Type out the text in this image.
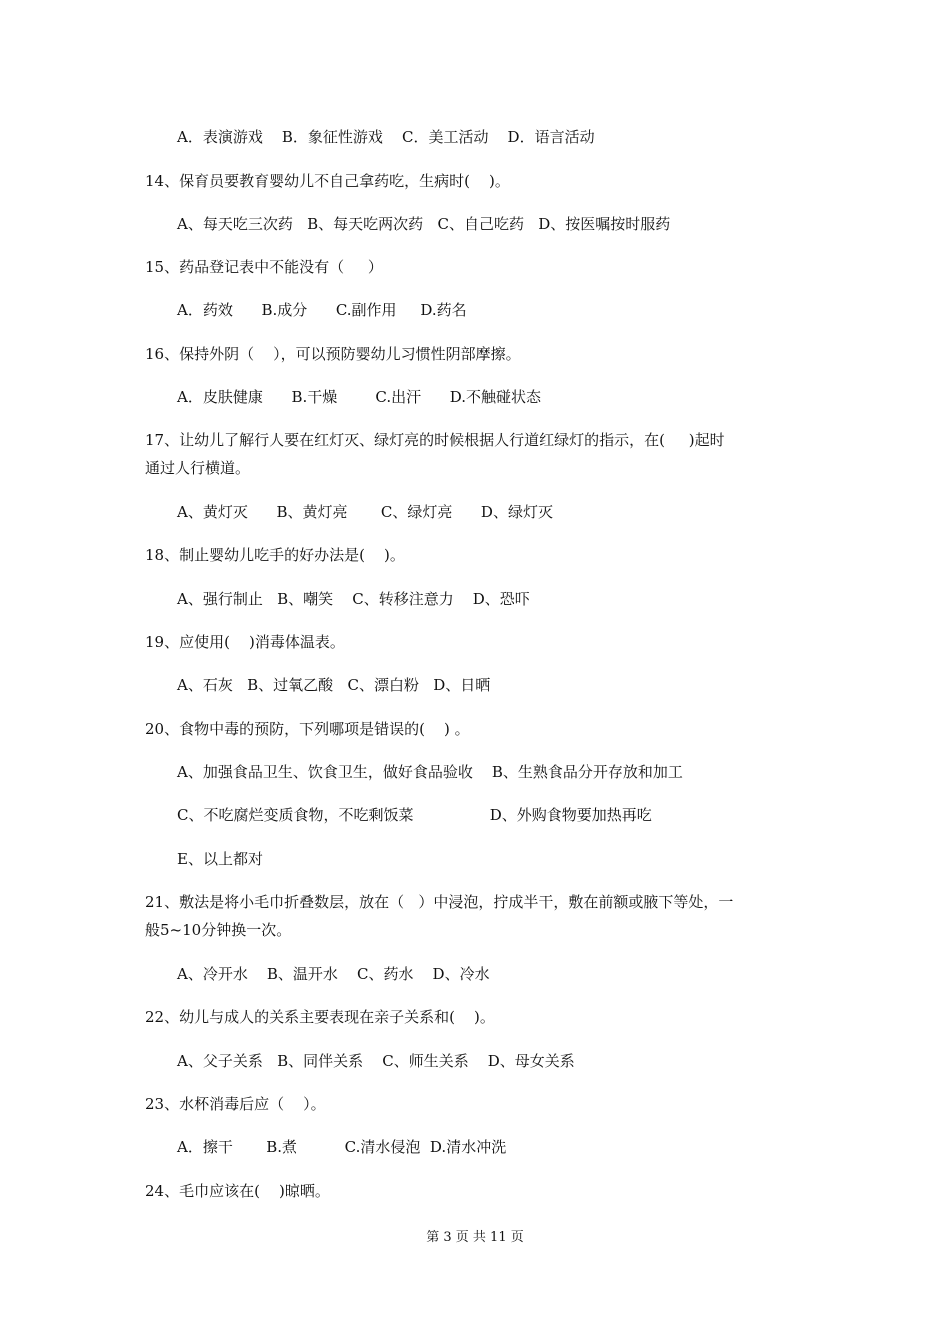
A．表演游戏    B．象征性游戏    C．美工活动    D．语言活动
14、保育员要教育婴幼儿不自己拿药吃，生病时(    )。
A、每天吃三次药   B、每天吃两次药   C、自己吃药   D、按医嘱按时服药
15、药品登记表中不能没有（     ）
A．药效      B.成分      C.副作用     D.药名
16、保持外阴（    ），可以预防婴幼儿习惯性阴部摩擦。
A．皮肤健康      B.干燥        C.出汗      D.不触碰状态
17、让幼儿了解行人要在红灯灭、绿灯亮的时候根据人行道红绿灯的指示，在(     )起时
通过人行横道。
A、黄灯灭      B、黄灯亮       C、绿灯亮      D、绿灯灭
18、制止婴幼儿吃手的好办法是(    )。
A、强行制止   B、嘲笑    C、转移注意力    D、恐吓
19、应使用(    )消毒体温表。
A、石灰   B、过氧乙酸   C、漂白粉   D、日晒
20、食物中毒的预防，下列哪项是错误的(    ) 。
A、加强食品卫生、饮食卫生，做好食品验收    B、生熟食品分开存放和加工
C、不吃腐烂变质食物，不吃剩饭菜                D、外购食物要加热再吃
E、以上都对
21、敷法是将小毛巾折叠数层，放在（   ）中浸泡，拧成半干，敷在前额或腋下等处，一
般5~10分钟换一次。
A、冷开水    B、温开水    C、药水    D、冷水
22、幼儿与成人的关系主要表现在亲子关系和(    )。
A、父子关系   B、同伴关系    C、师生关系    D、母女关系
23、水杯消毒后应（    ）。
A．擦干       B.煮          C.清水侵泡  D.清水冲洗
24、毛巾应该在(    )晾晒。
第 3 页 共 11 页
